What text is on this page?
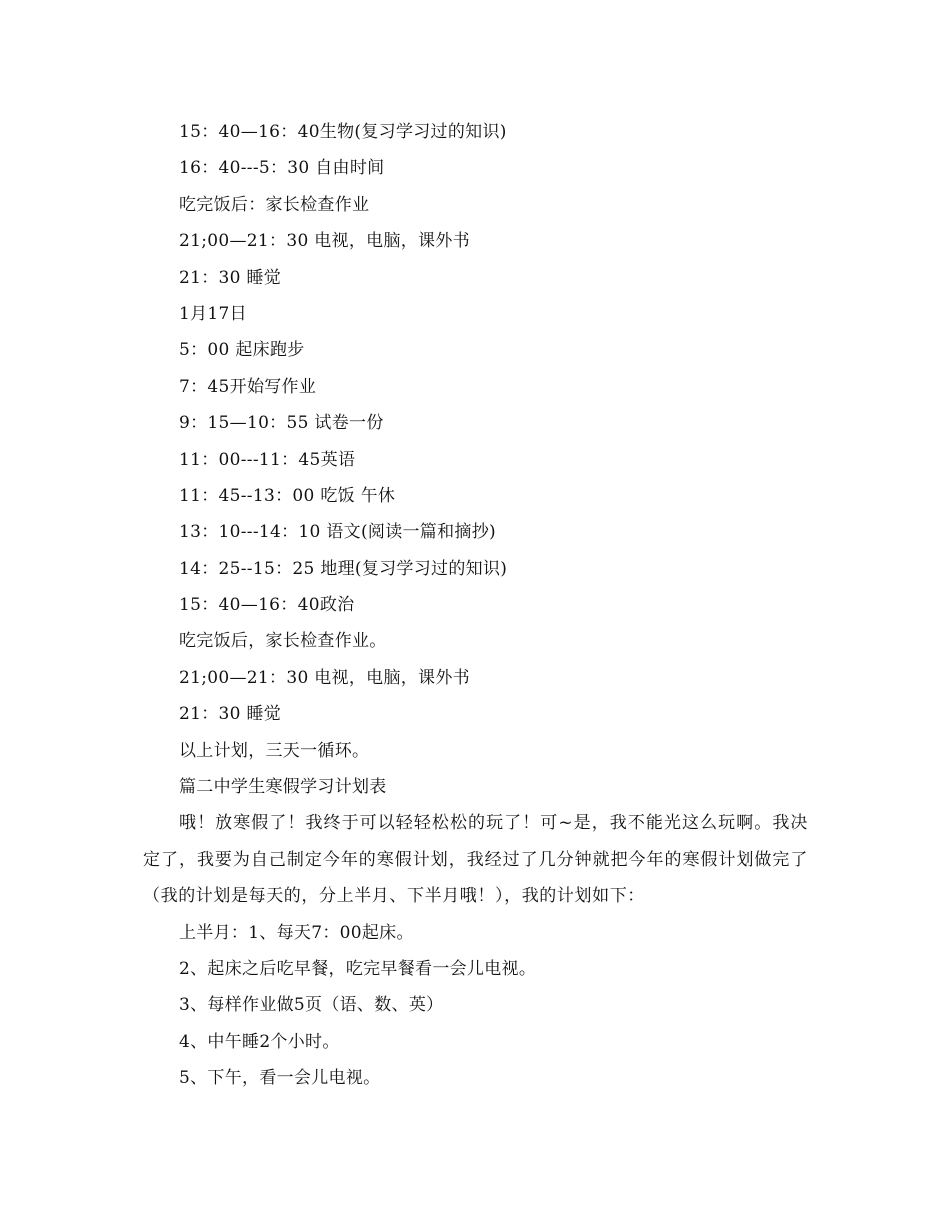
15：40—16：40生物(复习学习过的知识)
16：40---5：30 自由时间
吃完饭后：家长检查作业
21;00—21：30 电视，电脑，课外书
21：30 睡觉
1月17日
5：00 起床跑步
7：45开始写作业
9：15—10：55 试卷一份
11：00---11：45英语
11：45--13：00 吃饭 午休
13：10---14：10 语文(阅读一篇和摘抄)
14：25--15：25 地理(复习学习过的知识)
15：40—16：40政治
吃完饭后，家长检查作业。
21;00—21：30 电视，电脑，课外书
21：30 睡觉
以上计划，三天一循环。
篇二中学生寒假学习计划表

哦！放寒假了！我终于可以轻轻松松的玩了！可~是，我不能光这么玩啊。我决定了，我要为自己制定今年的寒假计划，我经过了几分钟就把今年的寒假计划做完了（我的计划是每天的，分上半月、下半月哦！），我的计划如下：

上半月：1、每天7：00起床。
2、起床之后吃早餐，吃完早餐看一会儿电视。
3、每样作业做5页（语、数、英）
4、中午睡2个小时。
5、下午，看一会儿电视。
